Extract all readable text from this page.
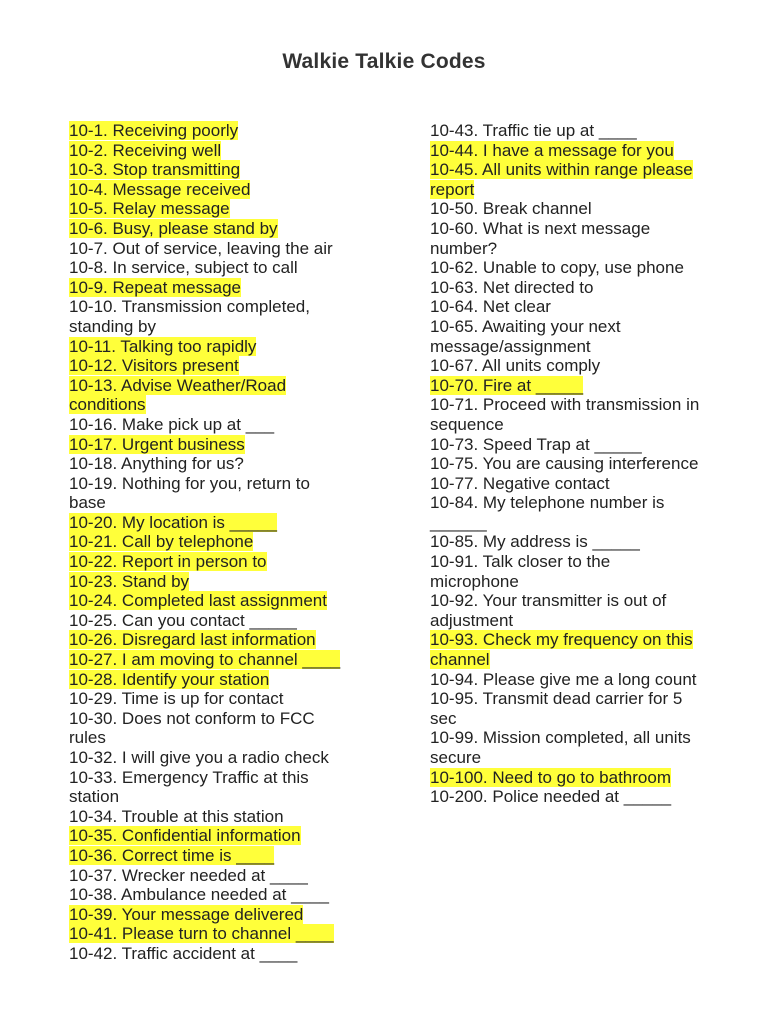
Walkie Talkie Codes
10-1. Receiving poorly
10-2. Receiving well
10-3. Stop transmitting
10-4. Message received
10-5. Relay message
10-6. Busy, please stand by
10-7. Out of service, leaving the air
10-8. In service, subject to call
10-9. Repeat message
10-10. Transmission completed,
standing by
10-11. Talking too rapidly
10-12. Visitors present
10-13. Advise Weather/Road
conditions
10-16. Make pick up at ___
10-17. Urgent business
10-18. Anything for us?
10-19. Nothing for you, return to
base
10-20. My location is _____
10-21. Call by telephone
10-22. Report in person to
10-23. Stand by
10-24. Completed last assignment
10-25. Can you contact _____
10-26. Disregard last information
10-27. I am moving to channel ____
10-28. Identify your station
10-29. Time is up for contact
10-30. Does not conform to FCC
rules
10-32. I will give you a radio check
10-33. Emergency Traffic at this
station
10-34. Trouble at this station
10-35. Confidential information
10-36. Correct time is ____
10-37. Wrecker needed at ____
10-38. Ambulance needed at ____
10-39. Your message delivered
10-41. Please turn to channel ____
10-42. Traffic accident at ____
10-43. Traffic tie up at ____
10-44. I have a message for you
10-45. All units within range please
report
10-50. Break channel
10-60. What is next message
number?
10-62. Unable to copy, use phone
10-63. Net directed to
10-64. Net clear
10-65. Awaiting your next
message/assignment
10-67. All units comply
10-70. Fire at _____
10-71. Proceed with transmission in
sequence
10-73. Speed Trap at _____
10-75. You are causing interference
10-77. Negative contact
10-84. My telephone number is
______
10-85. My address is _____
10-91. Talk closer to the
microphone
10-92. Your transmitter is out of
adjustment
10-93. Check my frequency on this
channel
10-94. Please give me a long count
10-95. Transmit dead carrier for 5
sec
10-99. Mission completed, all units
secure
10-100. Need to go to bathroom
10-200. Police needed at _____
